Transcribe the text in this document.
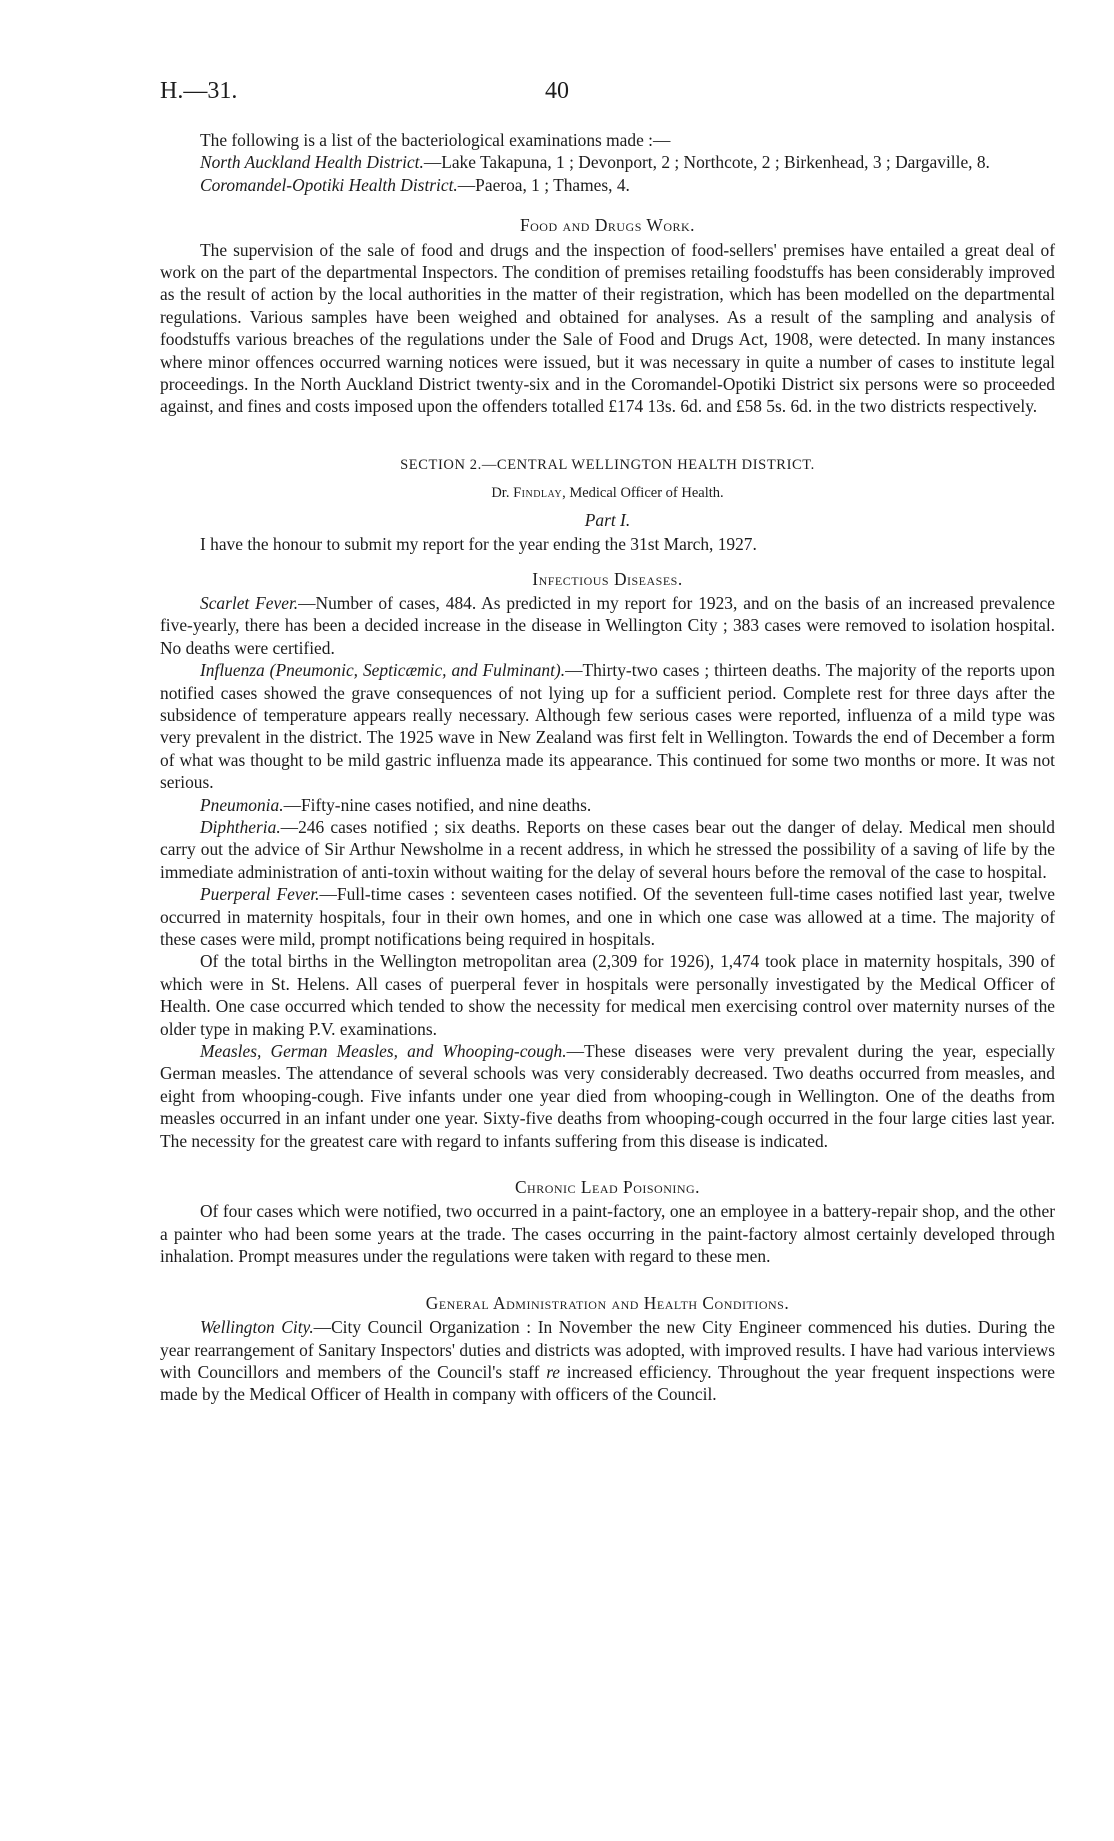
H.—31.	40

The following is a list of the bacteriological examinations made :—

North Auckland Health District.—Lake Takapuna, 1 ; Devonport, 2 ; Northcote, 2 ; Birkenhead, 3 ; Dargaville, 8.

Coromandel-Opotiki Health District.—Paeroa, 1 ; Thames, 4.

Food and Drugs Work.

The supervision of the sale of food and drugs and the inspection of food-sellers' premises have entailed a great deal of work on the part of the departmental Inspectors. The condition of premises retailing foodstuffs has been considerably improved as the result of action by the local authorities in the matter of their registration, which has been modelled on the departmental regulations. Various samples have been weighed and obtained for analyses. As a result of the sampling and analysis of foodstuffs various breaches of the regulations under the Sale of Food and Drugs Act, 1908, were detected. In many instances where minor offences occurred warning notices were issued, but it was necessary in quite a number of cases to institute legal proceedings. In the North Auckland District twenty-six and in the Coromandel-Opotiki District six persons were so proceeded against, and fines and costs imposed upon the offenders totalled £174 13s. 6d. and £58 5s. 6d. in the two districts respectively.

SECTION 2.—CENTRAL WELLINGTON HEALTH DISTRICT.
Dr. Findlay, Medical Officer of Health.
Part I.

I have the honour to submit my report for the year ending the 31st March, 1927.

Infectious Diseases.

Scarlet Fever.—Number of cases, 484. As predicted in my report for 1923, and on the basis of an increased prevalence five-yearly, there has been a decided increase in the disease in Wellington City ; 383 cases were removed to isolation hospital. No deaths were certified.

Influenza (Pneumonic, Septicæmic, and Fulminant).—Thirty-two cases ; thirteen deaths. The majority of the reports upon notified cases showed the grave consequences of not lying up for a sufficient period. Complete rest for three days after the subsidence of temperature appears really necessary. Although few serious cases were reported, influenza of a mild type was very prevalent in the district. The 1925 wave in New Zealand was first felt in Wellington. Towards the end of December a form of what was thought to be mild gastric influenza made its appearance. This continued for some two months or more. It was not serious.

Pneumonia.—Fifty-nine cases notified, and nine deaths.

Diphtheria.—246 cases notified ; six deaths. Reports on these cases bear out the danger of delay. Medical men should carry out the advice of Sir Arthur Newsholme in a recent address, in which he stressed the possibility of a saving of life by the immediate administration of anti-toxin without waiting for the delay of several hours before the removal of the case to hospital.

Puerperal Fever.—Full-time cases : seventeen cases notified. Of the seventeen full-time cases notified last year, twelve occurred in maternity hospitals, four in their own homes, and one in which one case was allowed at a time. The majority of these cases were mild, prompt notifications being required in hospitals.

Of the total births in the Wellington metropolitan area (2,309 for 1926), 1,474 took place in maternity hospitals, 390 of which were in St. Helens. All cases of puerperal fever in hospitals were personally investigated by the Medical Officer of Health. One case occurred which tended to show the necessity for medical men exercising control over maternity nurses of the older type in making P.V. examinations.

Measles, German Measles, and Whooping-cough.—These diseases were very prevalent during the year, especially German measles. The attendance of several schools was very considerably decreased. Two deaths occurred from measles, and eight from whooping-cough. Five infants under one year died from whooping-cough in Wellington. One of the deaths from measles occurred in an infant under one year. Sixty-five deaths from whooping-cough occurred in the four large cities last year. The necessity for the greatest care with regard to infants suffering from this disease is indicated.

Chronic Lead Poisoning.

Of four cases which were notified, two occurred in a paint-factory, one an employee in a battery-repair shop, and the other a painter who had been some years at the trade. The cases occurring in the paint-factory almost certainly developed through inhalation. Prompt measures under the regulations were taken with regard to these men.

General Administration and Health Conditions.

Wellington City.—City Council Organization : In November the new City Engineer commenced his duties. During the year rearrangement of Sanitary Inspectors' duties and districts was adopted, with improved results. I have had various interviews with Councillors and members of the Council's staff re increased efficiency. Throughout the year frequent inspections were made by the Medical Officer of Health in company with officers of the Council.
